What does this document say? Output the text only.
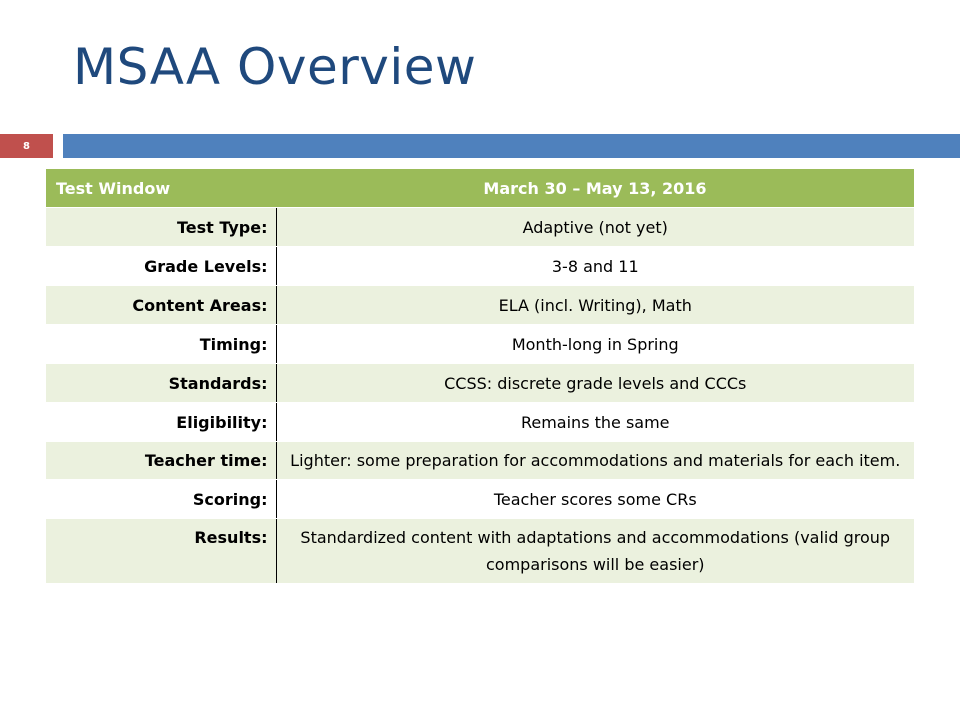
MSAA Overview
8
Test Window	March 30 – May 13, 2016
Test Type:	Adaptive (not yet)
Grade Levels:	3-8 and 11
Content Areas:	ELA (incl. Writing), Math
Timing:	Month-long in Spring
Standards:	CCSS: discrete grade levels and CCCs
Eligibility:	Remains the same
Teacher time:	Lighter: some preparation for accommodations and materials for each item.
Scoring:	Teacher scores some CRs
Results:	Standardized content with adaptations and accommodations (valid group comparisons will be easier)
